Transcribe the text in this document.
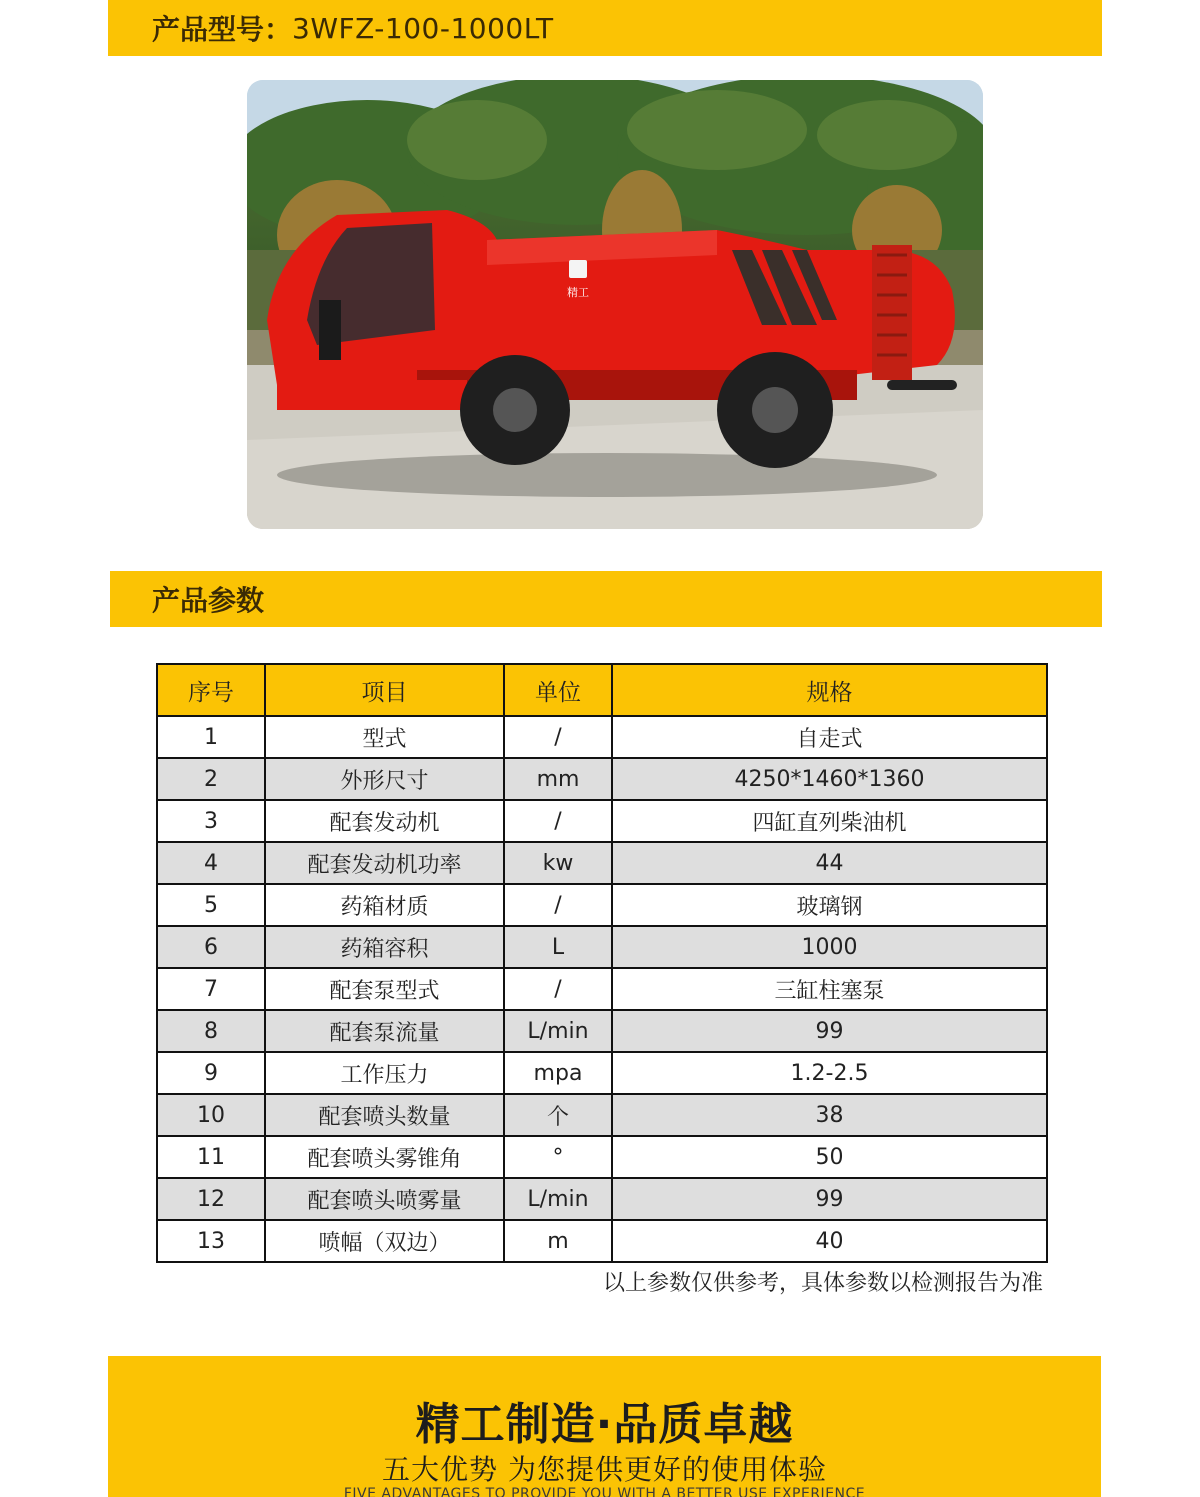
产品型号： 3WFZ-100-1000LT
精工
产品参数
序号	项目	单位	规格
1	型式	/	自走式
2	外形尺寸	mm	4250*1460*1360
3	配套发动机	/	四缸直列柴油机
4	配套发动机功率	kw	44
5	药箱材质	/	玻璃钢
6	药箱容积	L	1000
7	配套泵型式	/	三缸柱塞泵
8	配套泵流量	L/min	99
9	工作压力	mpa	1.2-2.5
10	配套喷头数量	个	38
11	配套喷头雾锥角	°	50
12	配套喷头喷雾量	L/min	99
13	喷幅（双边）	m	40
以上参数仅供参考，具体参数以检测报告为准
精工制造·品质卓越
五大优势 为您提供更好的使用体验
FIVE ADVANTAGES TO PROVIDE YOU WITH A BETTER USE EXPERIENCE
